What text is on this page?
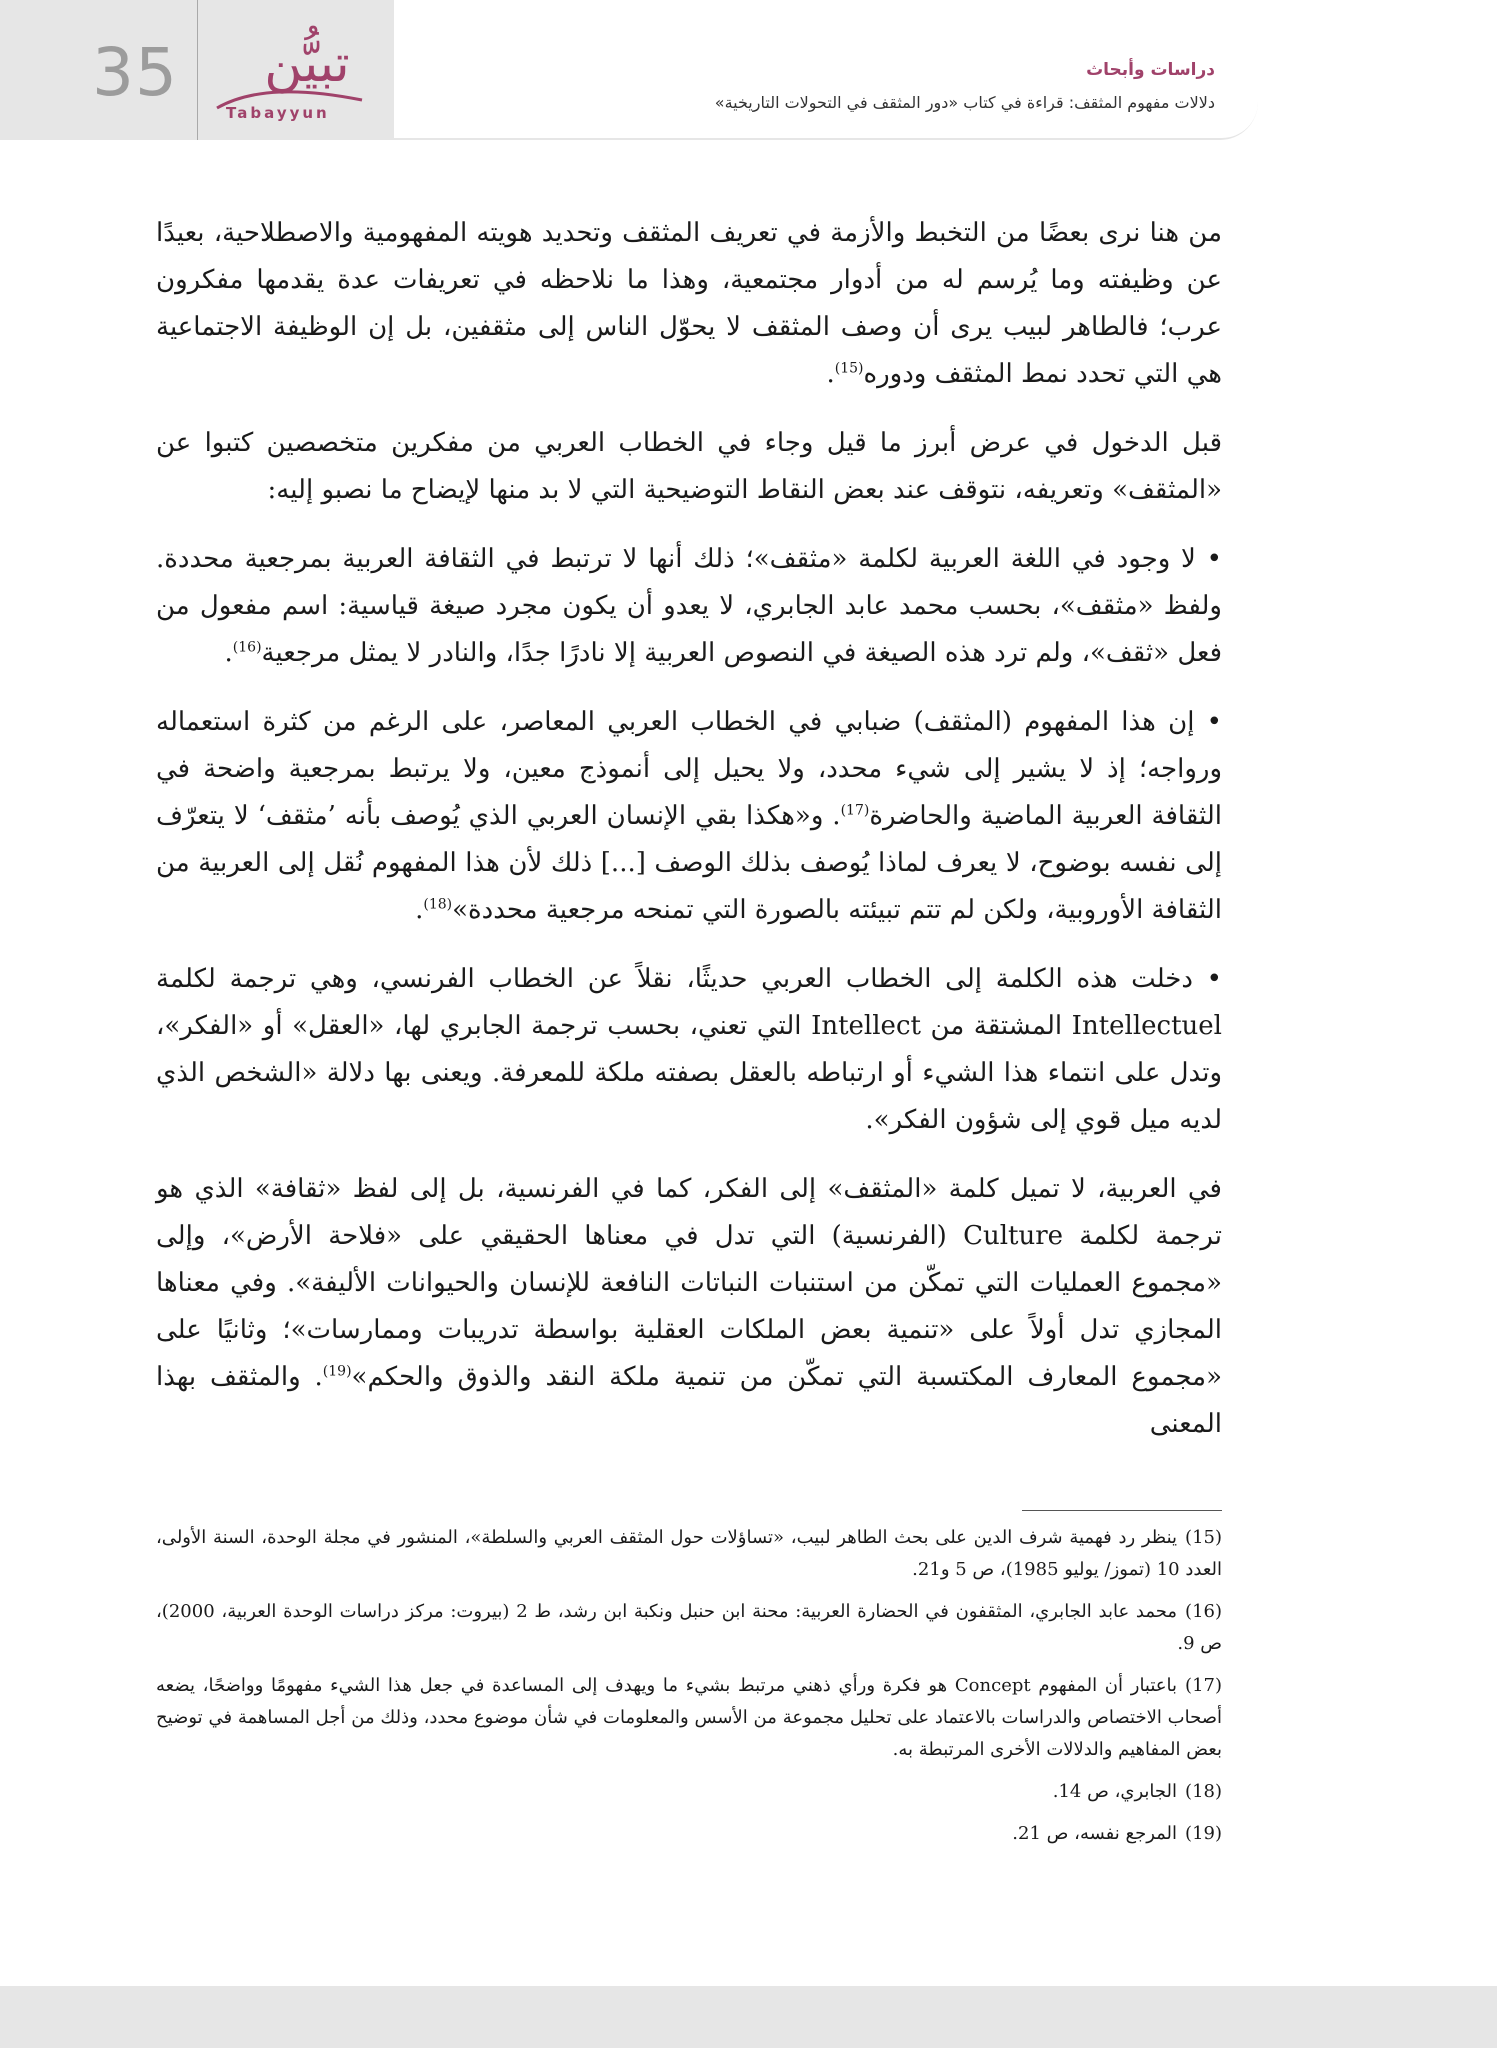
35	تبيُّن
Tabayyun
دراسات وأبحاث
دلالات مفهوم المثقف: قراءة في كتاب «دور المثقف في التحولات التاريخية»

من هنا نرى بعضًا من التخبط والأزمة في تعريف المثقف وتحديد هويته المفهومية والاصطلاحية، بعيدًا عن وظيفته وما يُرسم له من أدوار مجتمعية، وهذا ما نلاحظه في تعريفات عدة يقدمها مفكرون عرب؛ فالطاهر لبيب يرى أن وصف المثقف لا يحوّل الناس إلى مثقفين، بل إن الوظيفة الاجتماعية هي التي تحدد نمط المثقف ودوره$^{(15)}$.

قبل الدخول في عرض أبرز ما قيل وجاء في الخطاب العربي من مفكرين متخصصين كتبوا عن «المثقف» وتعريفه، نتوقف عند بعض النقاط التوضيحية التي لا بد منها لإيضاح ما نصبو إليه:

• لا وجود في اللغة العربية لكلمة «مثقف»؛ ذلك أنها لا ترتبط في الثقافة العربية بمرجعية محددة. ولفظ «مثقف»، بحسب محمد عابد الجابري، لا يعدو أن يكون مجرد صيغة قياسية: اسم مفعول من فعل «ثقف»، ولم ترد هذه الصيغة في النصوص العربية إلا نادرًا جدًا، والنادر لا يمثل مرجعية$^{(16)}$.

• إن هذا المفهوم (المثقف) ضبابي في الخطاب العربي المعاصر، على الرغم من كثرة استعماله ورواجه؛ إذ لا يشير إلى شيء محدد، ولا يحيل إلى أنموذج معين، ولا يرتبط بمرجعية واضحة في الثقافة العربية الماضية والحاضرة$^{(17)}$. و«هكذا بقي الإنسان العربي الذي يُوصف بأنه ’مثقف‘ لا يتعرّف إلى نفسه بوضوح، لا يعرف لماذا يُوصف بذلك الوصف [...] ذلك لأن هذا المفهوم نُقل إلى العربية من الثقافة الأوروبية، ولكن لم تتم تبيئته بالصورة التي تمنحه مرجعية محددة»$^{(18)}$.

• دخلت هذه الكلمة إلى الخطاب العربي حديثًا، نقلاً عن الخطاب الفرنسي، وهي ترجمة لكلمة Intellectuel المشتقة من Intellect التي تعني، بحسب ترجمة الجابري لها، «العقل» أو «الفكر»، وتدل على انتماء هذا الشيء أو ارتباطه بالعقل بصفته ملكة للمعرفة. ويعنى بها دلالة «الشخص الذي لديه ميل قوي إلى شؤون الفكر».

في العربية، لا تميل كلمة «المثقف» إلى الفكر، كما في الفرنسية، بل إلى لفظ «ثقافة» الذي هو ترجمة لكلمة Culture (الفرنسية) التي تدل في معناها الحقيقي على «فلاحة الأرض»، وإلى «مجموع العمليات التي تمكّن من استنبات النباتات النافعة للإنسان والحيوانات الأليفة». وفي معناها المجازي تدل أولاً على «تنمية بعض الملكات العقلية بواسطة تدريبات وممارسات»؛ وثانيًا على «مجموع المعارف المكتسبة التي تمكّن من تنمية ملكة النقد والذوق والحكم»$^{(19)}$. والمثقف بهذا المعنى

(15)ينظر رد فهمية شرف الدين على بحث الطاهر لبيب، «تساؤلات حول المثقف العربي والسلطة»، المنشور في مجلة الوحدة، السنة الأولى، العدد 10 (تموز/ يوليو 1985)، ص 5 و21.

(16)محمد عابد الجابري، المثقفون في الحضارة العربية: محنة ابن حنبل ونكبة ابن رشد، ط 2 (بيروت: مركز دراسات الوحدة العربية، 2000)، ص 9.

(17)باعتبار أن المفهوم Concept هو فكرة ورأي ذهني مرتبط بشيء ما ويهدف إلى المساعدة في جعل هذا الشيء مفهومًا وواضحًا، يضعه أصحاب الاختصاص والدراسات بالاعتماد على تحليل مجموعة من الأسس والمعلومات في شأن موضوع محدد، وذلك من أجل المساهمة في توضيح بعض المفاهيم والدلالات الأخرى المرتبطة به.

(18)الجابري، ص 14.

(19)المرجع نفسه، ص 21.
